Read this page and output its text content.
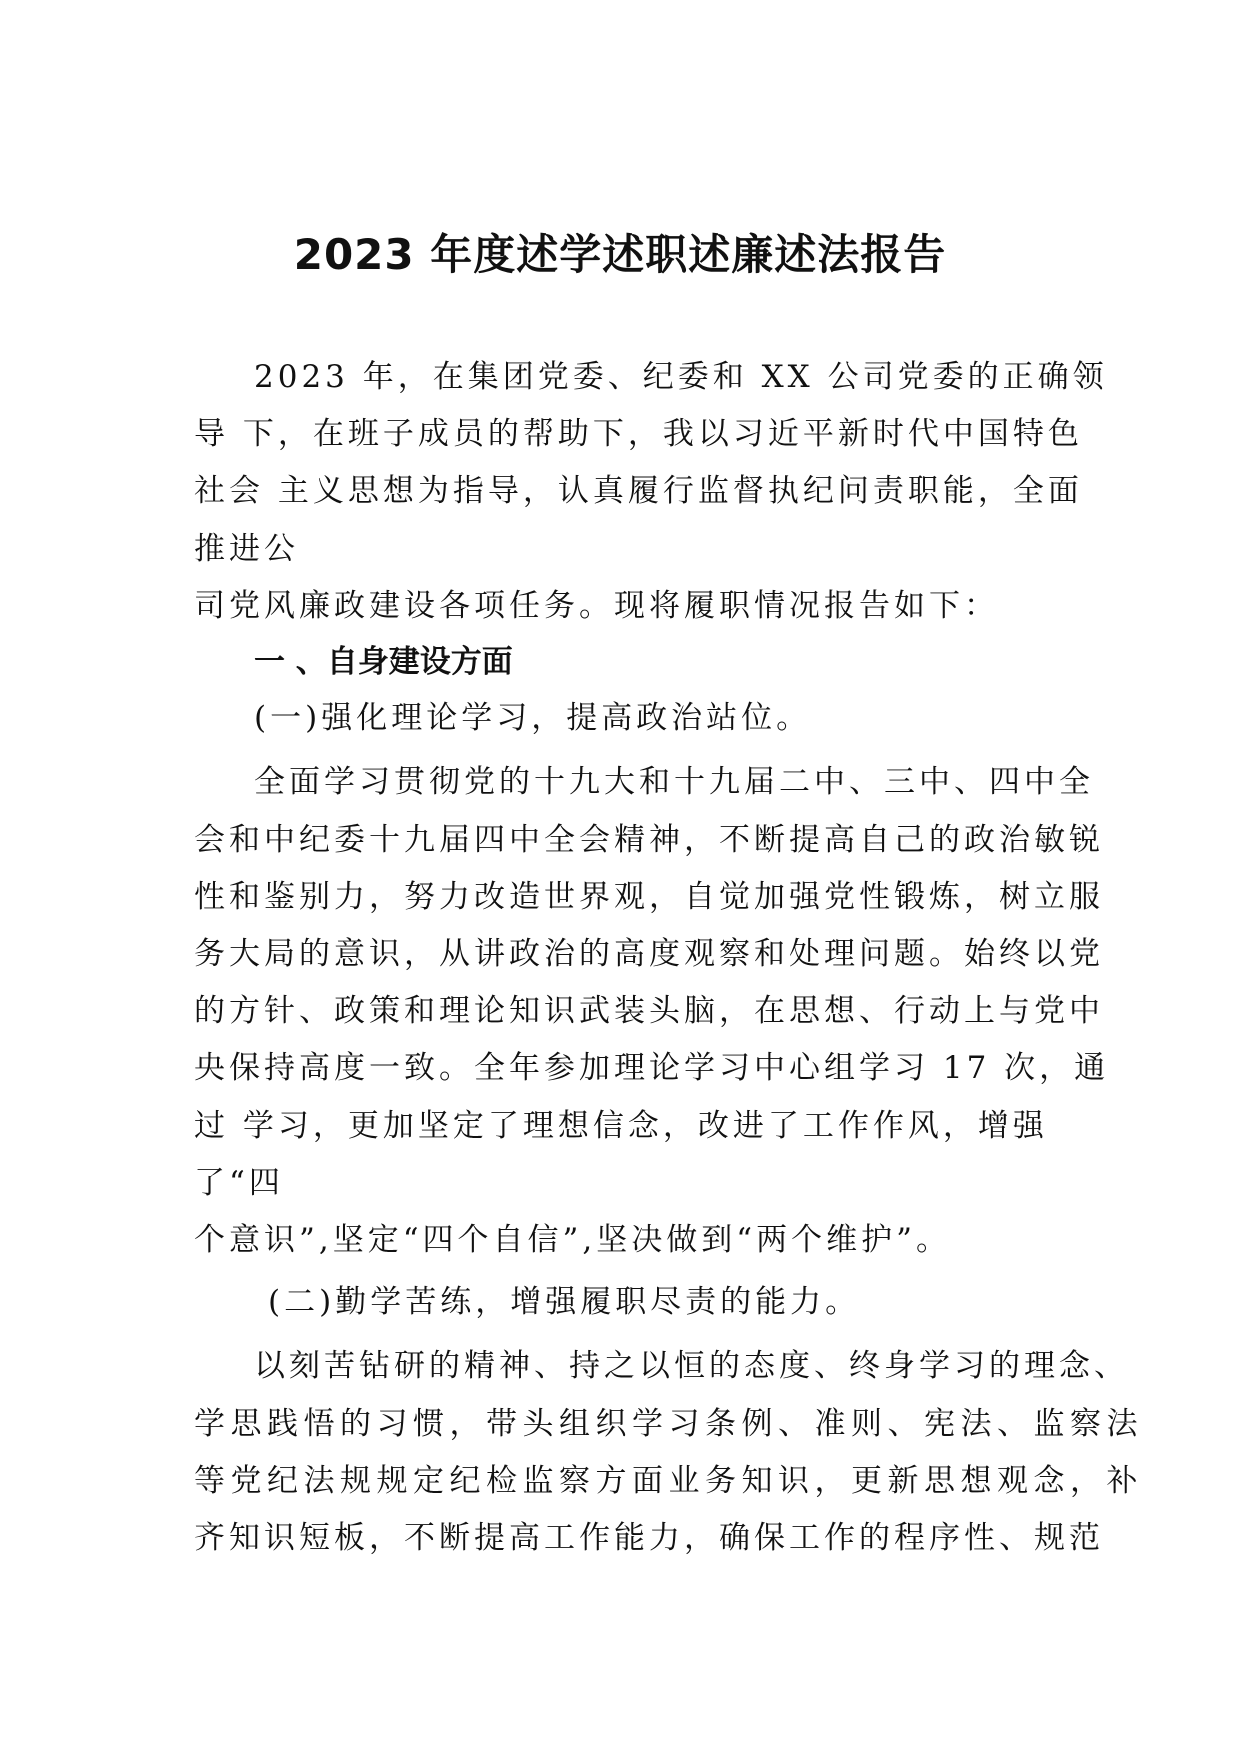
2023 年度述学述职述廉述法报告
2023 年，在集团党委、纪委和 XX 公司党委的正确领
导 下，在班子成员的帮助下，我以习近平新时代中国特色
社会 主义思想为指导，认真履行监督执纪问责职能，全面
推进公
司党风廉政建设各项任务。现将履职情况报告如下：
一 、自身建设方面
(一)强化理论学习，提高政治站位。
全面学习贯彻党的十九大和十九届二中、三中、四中全
会和中纪委十九届四中全会精神，不断提高自己的政治敏锐
性和鉴别力，努力改造世界观，自觉加强党性锻炼，树立服
务大局的意识，从讲政治的高度观察和处理问题。始终以党
的方针、政策和理论知识武装头脑，在思想、行动上与党中
央保持高度一致。全年参加理论学习中心组学习 17 次，通
过 学习，更加坚定了理想信念，改进了工作作风，增强
了“四
个意识”,坚定“四个自信”,坚决做到“两个维护”。
(二)勤学苦练，增强履职尽责的能力。
以刻苦钻研的精神、持之以恒的态度、终身学习的理念、
学思践悟的习惯，带头组织学习条例、准则、宪法、监察法
等党纪法规规定纪检监察方面业务知识，更新思想观念，补
齐知识短板，不断提高工作能力，确保工作的程序性、规范
